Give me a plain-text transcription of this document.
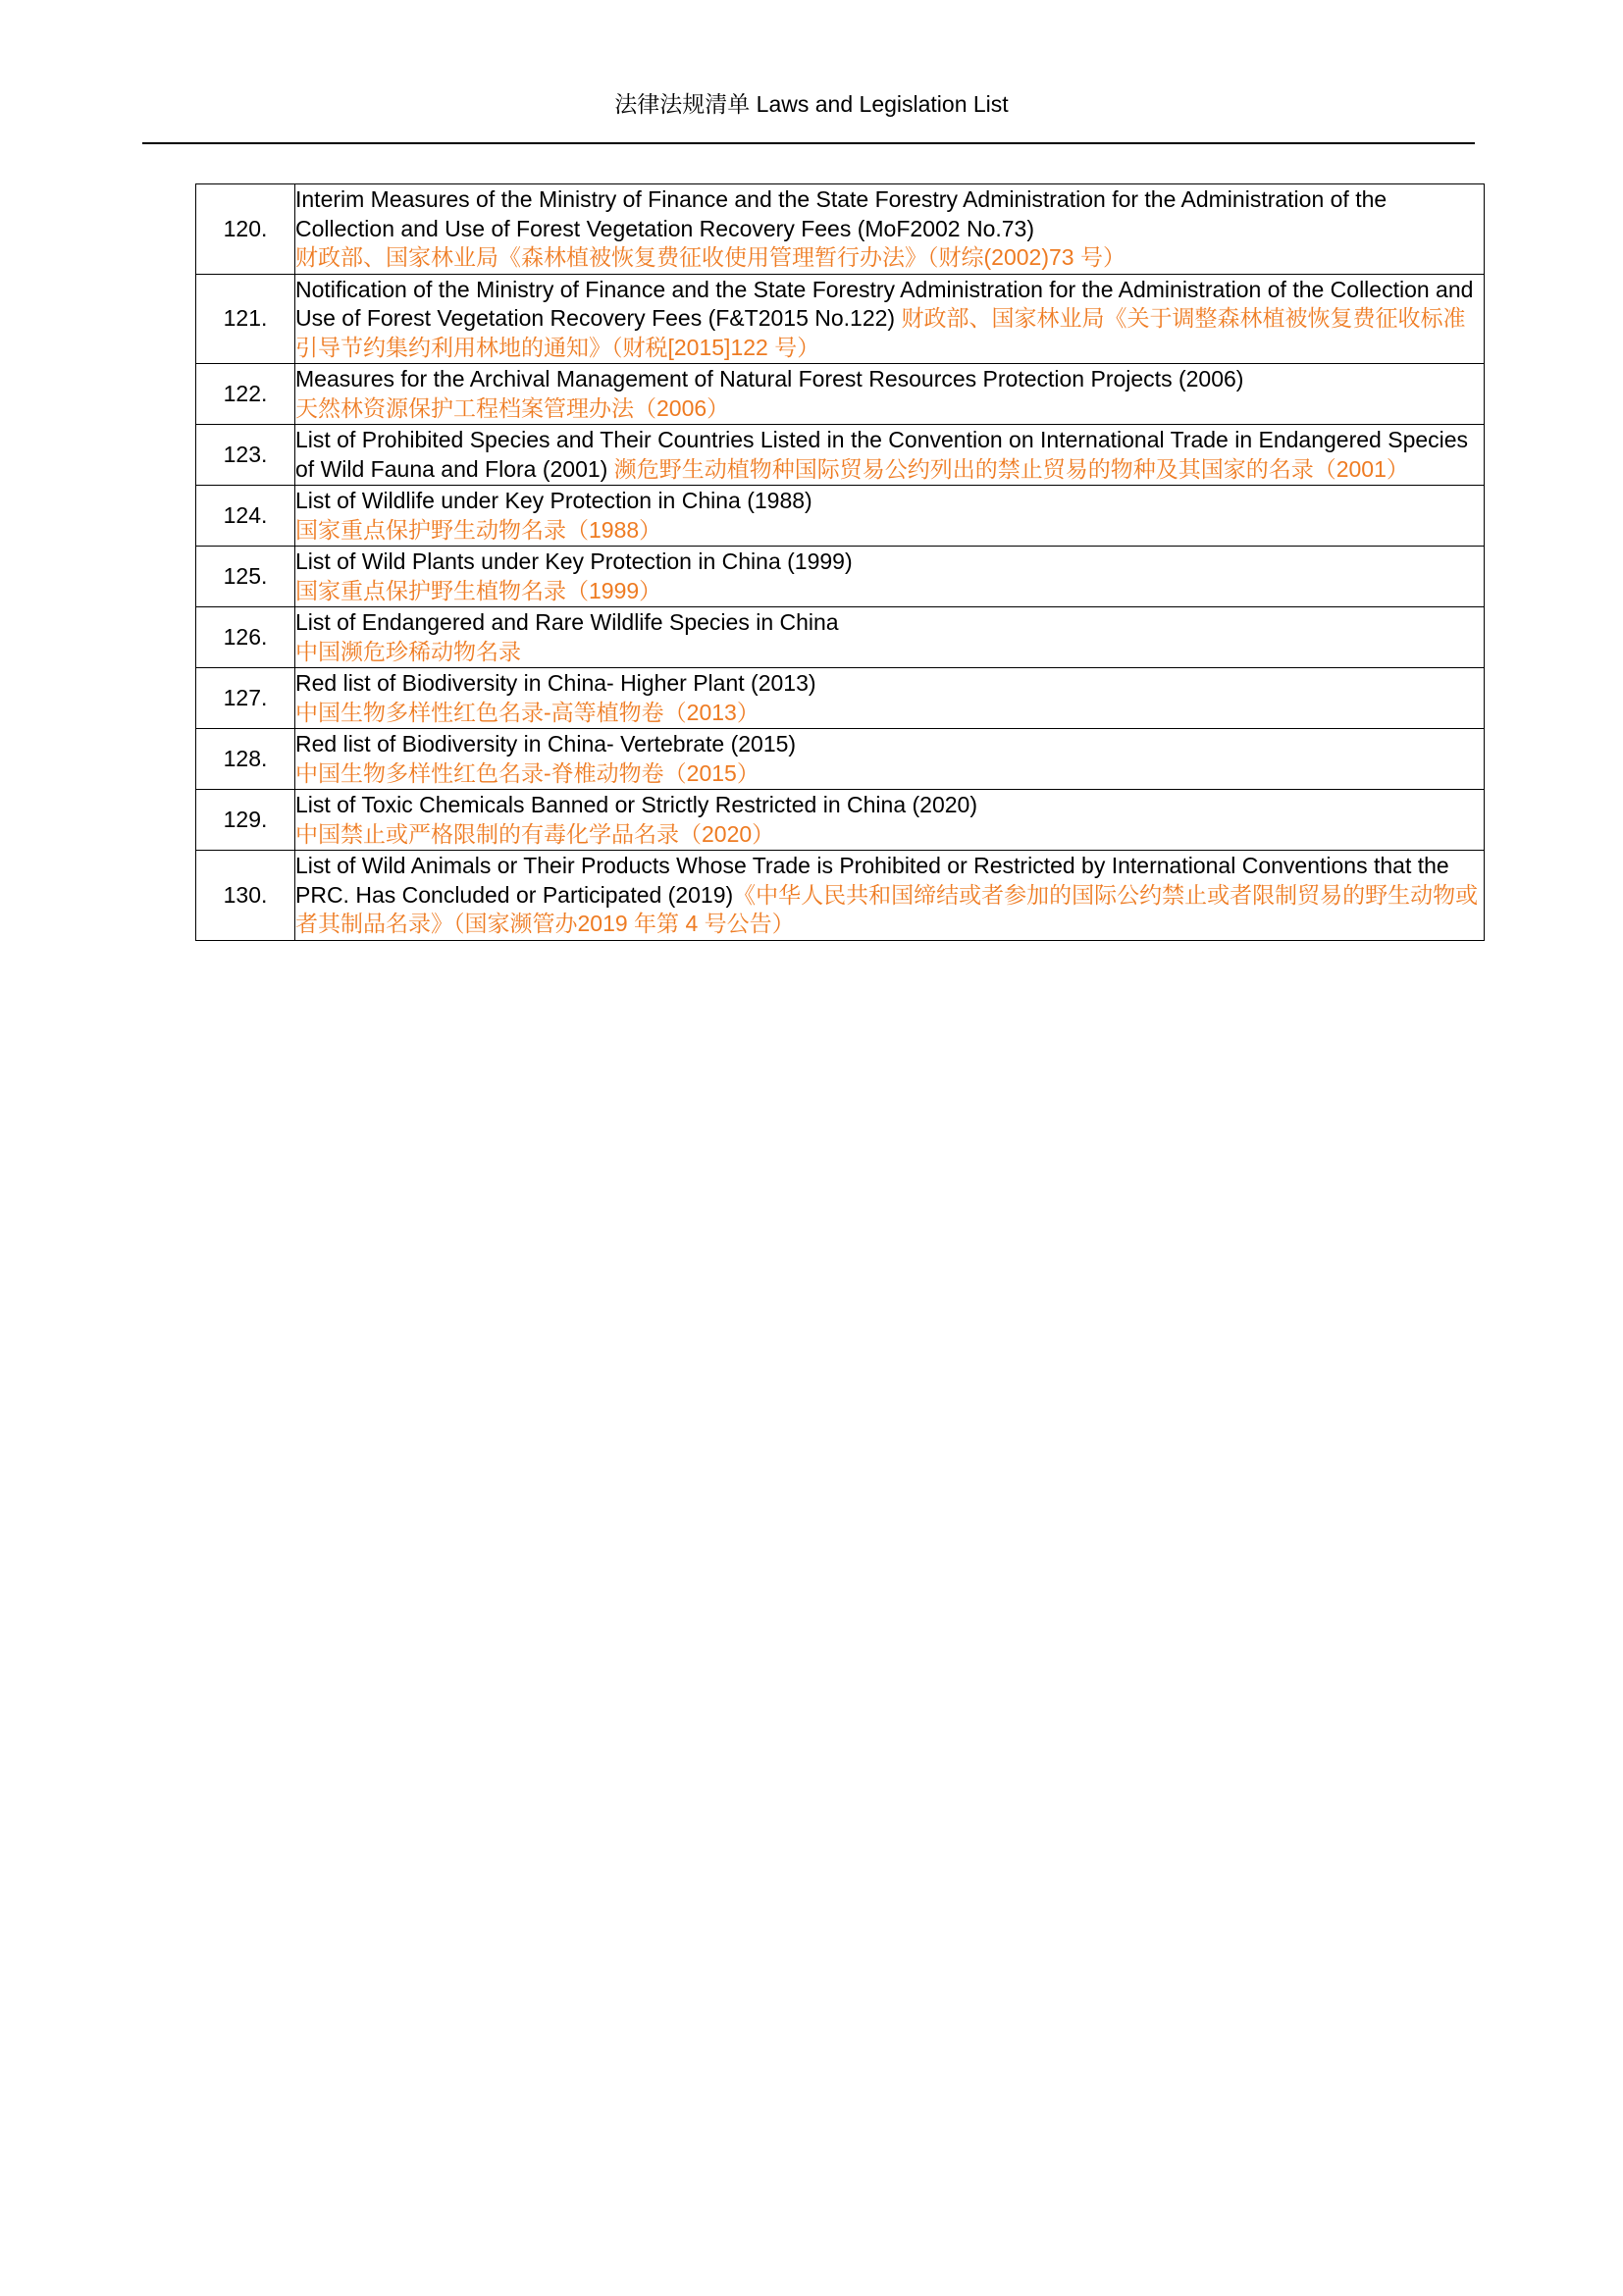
法律法规清单 Laws and Legislation List
120.	Interim Measures of the Ministry of Finance and the State Forestry Administration for the Administration of the Collection and Use of Forest Vegetation Recovery Fees (MoF2002 No.73)
财政部、国家林业局《森林植被恢复费征收使用管理暂行办法》（财综(2002)73 号）
121.	Notification of the Ministry of Finance and the State Forestry Administration for the Administration of the Collection and Use of Forest Vegetation Recovery Fees (F&T2015 No.122) 财政部、国家林业局《关于调整森林植被恢复费征收标准引导节约集约利用林地的通知》（财税[2015]122 号）
122.	Measures for the Archival Management of Natural Forest Resources Protection Projects (2006)
天然林资源保护工程档案管理办法（2006）
123.	List of Prohibited Species and Their Countries Listed in the Convention on International Trade in Endangered Species of Wild Fauna and Flora (2001) 濒危野生动植物种国际贸易公约列出的禁止贸易的物种及其国家的名录（2001）
124.	List of Wildlife under Key Protection in China (1988)
国家重点保护野生动物名录（1988）
125.	List of Wild Plants under Key Protection in China (1999)
国家重点保护野生植物名录（1999）
126.	List of Endangered and Rare Wildlife Species in China
中国濒危珍稀动物名录
127.	Red list of Biodiversity in China- Higher Plant (2013)
中国生物多样性红色名录-高等植物卷（2013）
128.	Red list of Biodiversity in China- Vertebrate (2015)
中国生物多样性红色名录-脊椎动物卷（2015）
129.	List of Toxic Chemicals Banned or Strictly Restricted in China (2020)
中国禁止或严格限制的有毒化学品名录（2020）
130.	List of Wild Animals or Their Products Whose Trade is Prohibited or Restricted by International Conventions that the PRC. Has Concluded or Participated (2019)《中华人民共和国缔结或者参加的国际公约禁止或者限制贸易的野生动物或者其制品名录》（国家濒管办2019 年第 4 号公告）
